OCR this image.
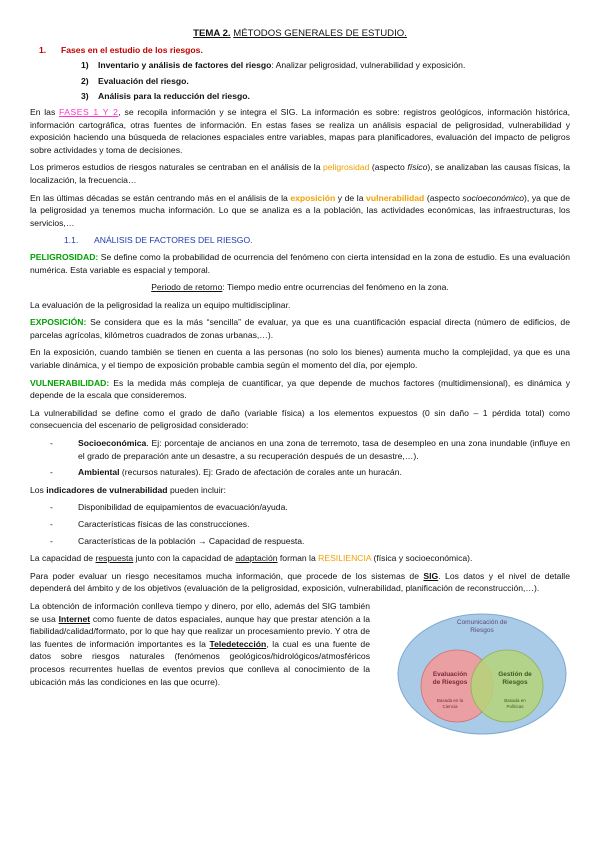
TEMA 2. MÉTODOS GENERALES DE ESTUDIO.
1. Fases en el estudio de los riesgos.
1) Inventario y análisis de factores del riesgo: Analizar peligrosidad, vulnerabilidad y exposición.
2) Evaluación del riesgo.
3) Análisis para la reducción del riesgo.

En las FASES 1 Y 2, se recopila información y se integra el SIG. La información es sobre: registros geológicos, información histórica, información cartográfica, otras fuentes de información. En estas fases se realiza un análisis espacial de peligrosidad, vulnerabilidad y exposición haciendo una búsqueda de relaciones espaciales entre variables, mapas para planificadores, evaluación del impacto de peligros sobre actividades y toma de decisiones.

Los primeros estudios de riesgos naturales se centraban en el análisis de la peligrosidad (aspecto físico), se analizaban las causas físicas, la localización, la frecuencia…

En las últimas décadas se están centrando más en el análisis de la exposición y de la vulnerabilidad (aspecto socioeconómico), ya que de la peligrosidad ya tenemos mucha información. Lo que se analiza es a la población, las actividades económicas, las infraestructuras, los servicios,…

1.1. ANÁLISIS DE FACTORES DEL RIESGO.

PELIGROSIDAD: Se define como la probabilidad de ocurrencia del fenómeno con cierta intensidad en la zona de estudio. Es una evaluación numérica. Esta variable es espacial y temporal.

Periodo de retorno: Tiempo medio entre ocurrencias del fenómeno en la zona.

La evaluación de la peligrosidad la realiza un equipo multidisciplinar.

EXPOSICIÓN: Se considera que es la más “sencilla” de evaluar, ya que es una cuantificación espacial directa (número de edificios, de parcelas agrícolas, kilómetros cuadrados de zonas urbanas,…).

En la exposición, cuando también se tienen en cuenta a las personas (no solo los bienes) aumenta mucho la complejidad, ya que es una variable dinámica, y el tiempo de exposición probable cambia según el momento del día, por ejemplo.

VULNERABILIDAD: Es la medida más compleja de cuantificar, ya que depende de muchos factores (multidimensional), es dinámica y depende de la escala que consideremos.

La vulnerabilidad se define como el grado de daño (variable física) a los elementos expuestos (0 sin daño – 1 pérdida total) como consecuencia del escenario de peligrosidad considerado:

- Socioeconómica. Ej: porcentaje de ancianos en una zona de terremoto, tasa de desempleo en una zona inundable (influye en el grado de preparación ante un desastre, a su recuperación después de un desastre,…).
- Ambiental (recursos naturales). Ej: Grado de afectación de corales ante un huracán.

Los indicadores de vulnerabilidad pueden incluir:

- Disponibilidad de equipamientos de evacuación/ayuda.
- Características físicas de las construcciones.
- Características de la población → Capacidad de respuesta.

La capacidad de respuesta junto con la capacidad de adaptación forman la RESILIENCIA (física y socioeconómica).

Para poder evaluar un riesgo necesitamos mucha información, que procede de los sistemas de SIG. Los datos y el nivel de detalle dependerá del ámbito y de los objetivos (evaluación de la peligrosidad, exposición, vulnerabilidad, planificación de reconstrucción,…).

La obtención de información conlleva tiempo y dinero, por ello, además del SIG también se usa Internet como fuente de datos espaciales, aunque hay que prestar atención a la fiabilidad/calidad/formato, por lo que hay que realizar un procesamiento previo. Y otra de las fuentes de información importantes es la Teledetección, la cual es una fuente de datos sobre riesgos naturales (fenómenos geológicos/hidrológicos/atmosféricos procesos recurrentes huellas de eventos previos que conlleva al conocimiento de la ubicación más las condiciones en las que ocurre).

Comunicación de
Riesgos
Evaluación
de Riesgos
Basada en la
Ciencia
Gestión de
Riesgos
Basada en
Políticas
